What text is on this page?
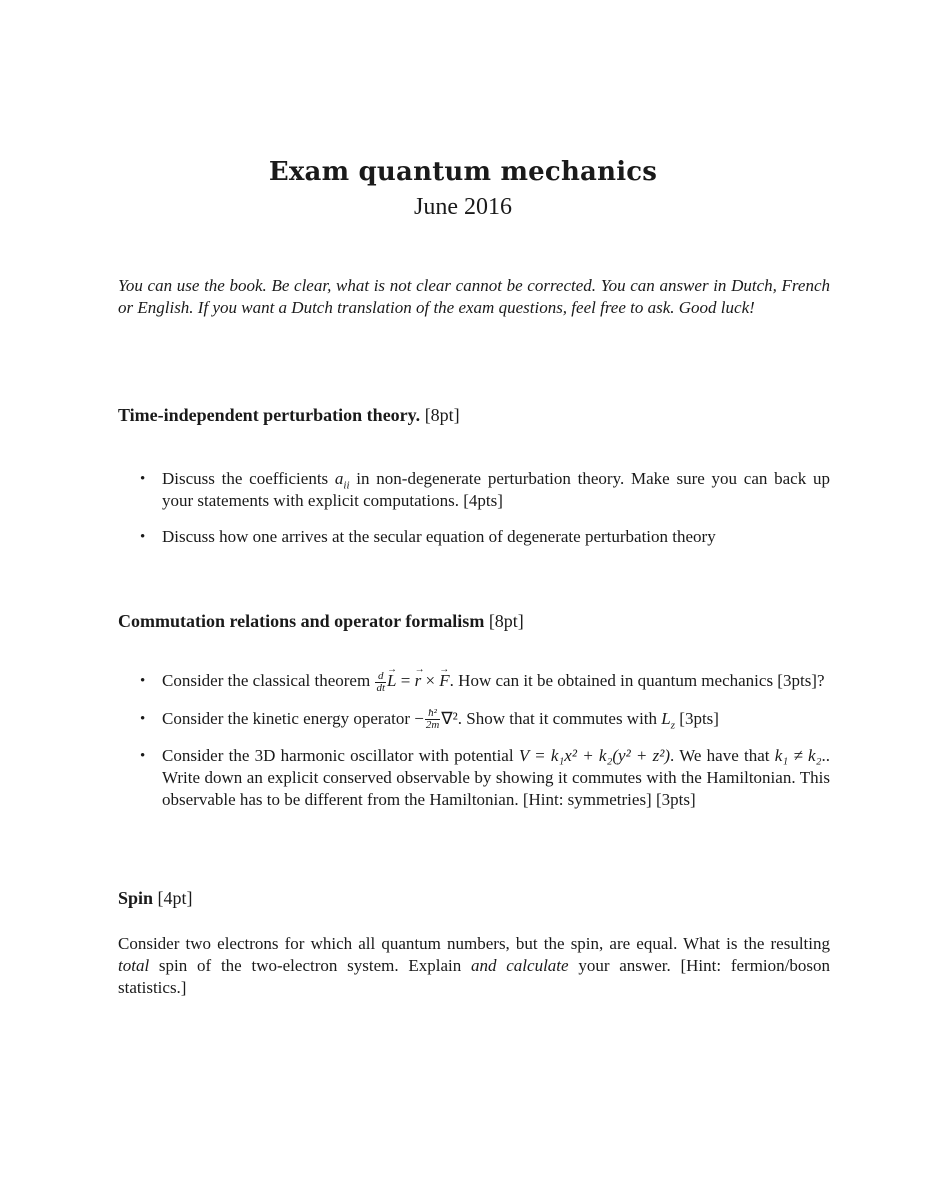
Exam quantum mechanics
June 2016
You can use the book. Be clear, what is not clear cannot be corrected. You can answer in Dutch, French or English. If you want a Dutch translation of the exam questions, feel free to ask. Good luck!
Time-independent perturbation theory. [8pt]
• Discuss the coefficients $a_{ii}$ in non-degenerate perturbation theory. Make sure you can back up your statements with explicit computations. [4pts]
• Discuss how one arrives at the secular equation of degenerate perturbation theory
Commutation relations and operator formalism [8pt]
• Consider the classical theorem $\frac{d}{dt}$
→ L = → r × → F. How can it be obtained in quantum mechanics [3pts]?
• Consider the kinetic energy operator − $\frac{\text{ħ²}}{2m} \nabla^2$. Show that it commutes with $L_z$ [3pts]
• Consider the 3D harmonic oscillator with potential V = k₁x² + k₂(y² + z²). We have that k₁ ≠ k₂.. Write down an explicit conserved observable by showing it commutes with the Hamiltonian. This observable has to be different from the Hamiltonian. [Hint: symmetries] [3pts]
Spin [4pt]
Consider two electrons for which all quantum numbers, but the spin, are equal. What is the resulting total spin of the two-electron system. Explain and calculate your answer. [Hint: fermion/boson statistics.]
